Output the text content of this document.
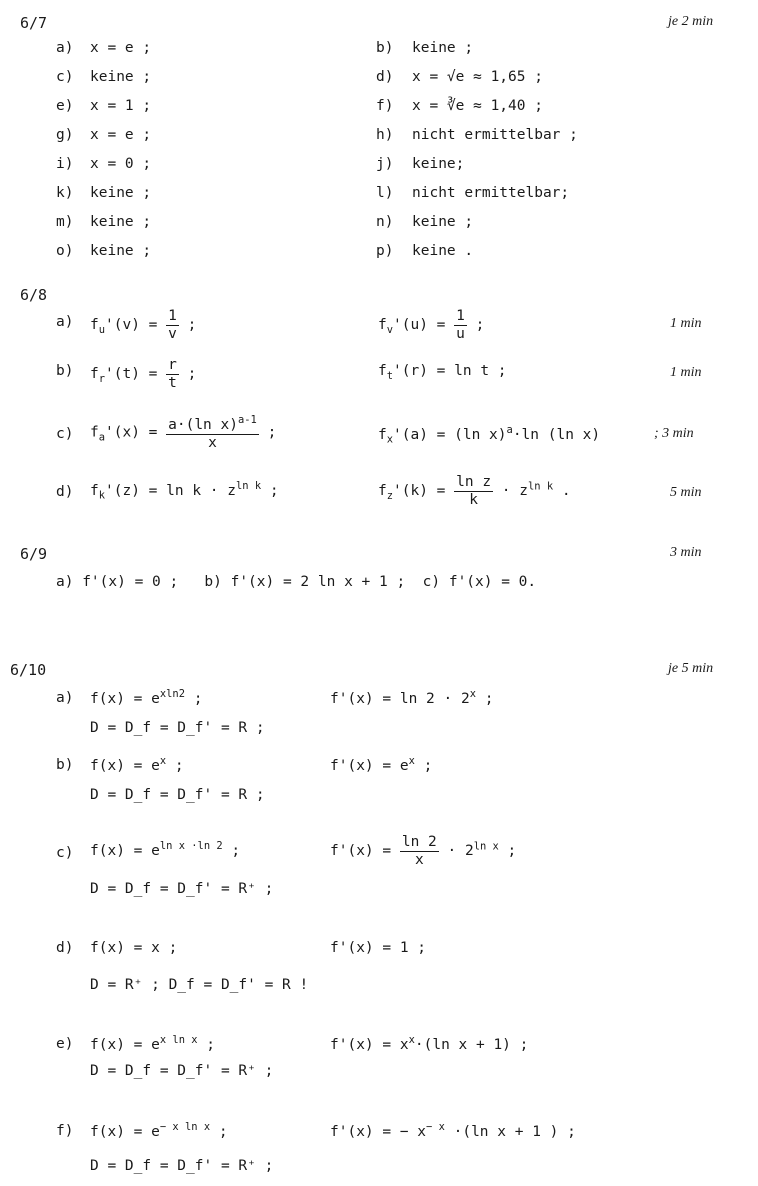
6/7	je 2 min
a) x = e ;	b) keine ;
c) keine ;	d) x = √e ≈ 1,65 ;
e) x = 1 ;	f) x = ∛e ≈ 1,40 ;
g) x = e ;	h) nicht ermittelbar ;
i) x = 0 ;	j) keine;
k) keine ;	l) nicht ermittelbar;
m) keine ;	n) keine ;
o) keine ;	p) keine .
6/8
a) $f_u'(v) = \frac{1}{v}$ ;	$f_v'(u) = \frac{1}{u}$ ;	1 min
b) $f_r'(t) = \frac{r}{t}$ ;	$f_t'(r) = \ln t$ ;	1 min
c) $f_a'(x) = \frac{a\cdot(\ln x)^{a-1}}{x}$ ;	$f_x'(a) = (\ln$ x)$^a$·ln (ln x)	; 3 min
d) $f_k'(z) = \ln k \cdot z^{ln k}$ ;	$f_z'(k) = \frac{\text{ln z}}{k} \cdot z^{ln k}$ .	5 min
6/9	3 min
a) f'(x) = 0 ;   b) f'(x) = 2 ln x + 1 ;  c) f'(x) = 0.
6/10	je 5 min
a) $f(x) = e^{xln2}$ ;	$f'(x) = \ln 2 \cdot 2^x$ ;
D = D_f = D_f' = R ;
b) $f(x) = e^x$ ;	$f'(x) = e^x$ ;
D = D_f = D_f' = R ;
c) $f(x) = e^{ln x \cdot ln 2}$ ;	$f'(x) = \frac{\ln 2}{x} \cdot 2^{ln x}$ ;
D = D_f = D_f' = R⁺ ;
d) f(x) = x ;	f'(x) = 1 ;
D = R⁺ ; D_f = D_f' = R !
e) $f(x) = e^{x ln x}$ ;	$f'(x) = x^x\cdot(\ln$ x + 1) ;
D = D_f = D_f' = R⁺ ;
f) $f(x) = e^{- x ln x}$ ;	f'(x) = − $x^{- x} \cdot(\ln$ x + 1 ) ;
D = D_f = D_f' = R⁺ ;
